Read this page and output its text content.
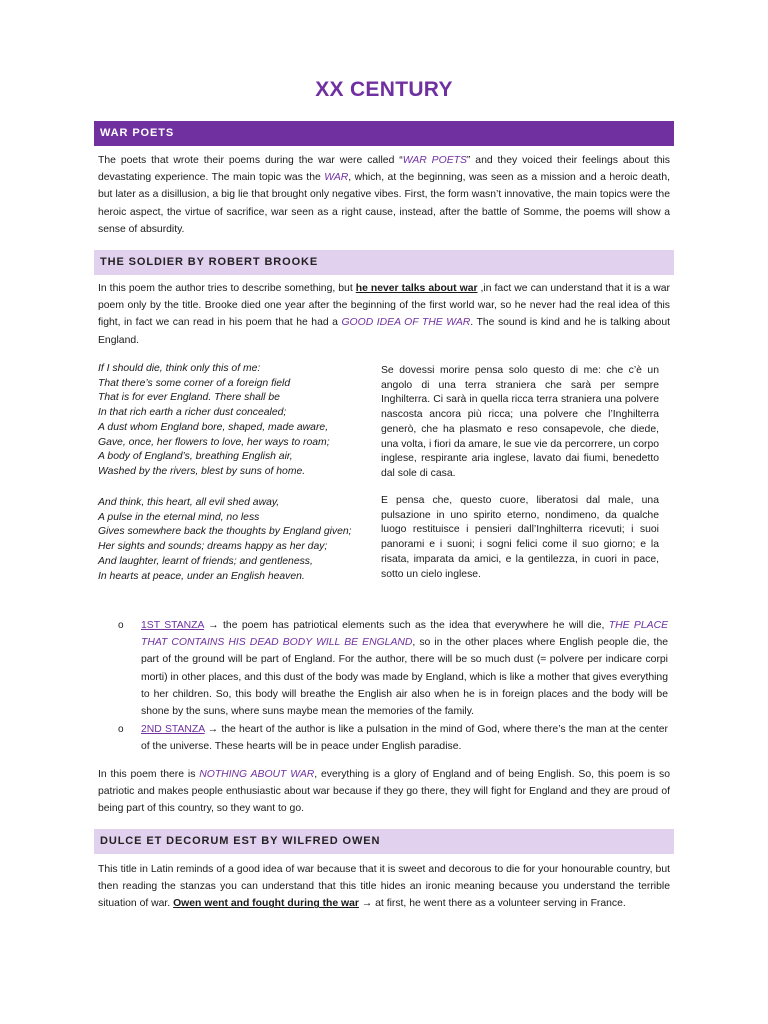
XX CENTURY
WAR POETS

The poets that wrote their poems during the war were called “WAR POETS” and they voiced their feelings about this devastating experience. The main topic was the WAR, which, at the beginning, was seen as a mission and a heroic death, but later as a disillusion, a big lie that brought only negative vibes. First, the form wasn’t innovative, the main topics were the heroic aspect, the virtue of sacrifice, war seen as a right cause, instead, after the battle of Somme, the poems will show a sense of absurdity.

THE SOLDIER BY ROBERT BROOKE

In this poem the author tries to describe something, but he never talks about war ,in fact we can understand that it is a war poem only by the title. Brooke died one year after the beginning of the first world war, so he never had the real idea of this fight, in fact we can read in his poem that he had a GOOD IDEA OF THE WAR. The sound is kind and he is talking about England.

If I should die, think only this of me:
That there’s some corner of a foreign field
That is for ever England. There shall be
In that rich earth a richer dust concealed;
A dust whom England bore, shaped, made aware,
Gave, once, her flowers to love, her ways to roam;
A body of England’s, breathing English air,
Washed by the rivers, blest by suns of home.
And think, this heart, all evil shed away,
A pulse in the eternal mind, no less
Gives somewhere back the thoughts by England given;
Her sights and sounds; dreams happy as her day;
And laughter, learnt of friends; and gentleness,
In hearts at peace, under an English heaven.
Se dovessi morire pensa solo questo di me: che c’è un angolo di una terra straniera che sarà per sempre Inghilterra. Ci sarà in quella ricca terra straniera una polvere nascosta ancora più ricca; una polvere che l’Inghilterra generò, che ha plasmato e reso consapevole, che diede, una volta, i fiori da amare, le sue vie da percorrere, un corpo inglese, respirante aria inglese, lavato dai fiumi, benedetto dal sole di casa.
E pensa che, questo cuore, liberatosi dal male, una pulsazione in uno spirito eterno, nondimeno, da qualche luogo restituisce i pensieri dall’Inghilterra ricevuti; i suoi panorami e i suoni; i sogni felici come il suo giorno; e la risata, imparata da amici, e la gentilezza, in cuori in pace, sotto un cielo inglese.
o 1ST STANZA → the poem has patriotical elements such as the idea that everywhere he will die, THE PLACE THAT CONTAINS HIS DEAD BODY WILL BE ENGLAND, so in the other places where English people die, the part of the ground will be part of England. For the author, there will be so much dust (= polvere per indicare corpi morti) in other places, and this dust of the body was made by England, which is like a mother that gives everything to her children. So, this body will breathe the English air also when he is in foreign places and the body will be shone by the suns, where suns maybe mean the memories of the family.
o 2ND STANZA → the heart of the author is like a pulsation in the mind of God, where there’s the man at the center of the universe. These hearts will be in peace under English paradise.

In this poem there is NOTHING ABOUT WAR, everything is a glory of England and of being English. So, this poem is so patriotic and makes people enthusiastic about war because if they go there, they will fight for England and they are proud of being part of this country, so they want to go.

DULCE ET DECORUM EST BY WILFRED OWEN

This title in Latin reminds of a good idea of war because that it is sweet and decorous to die for your honourable country, but then reading the stanzas you can understand that this title hides an ironic meaning because you understand the terrible situation of war. Owen went and fought during the war → at first, he went there as a volunteer serving in France.
